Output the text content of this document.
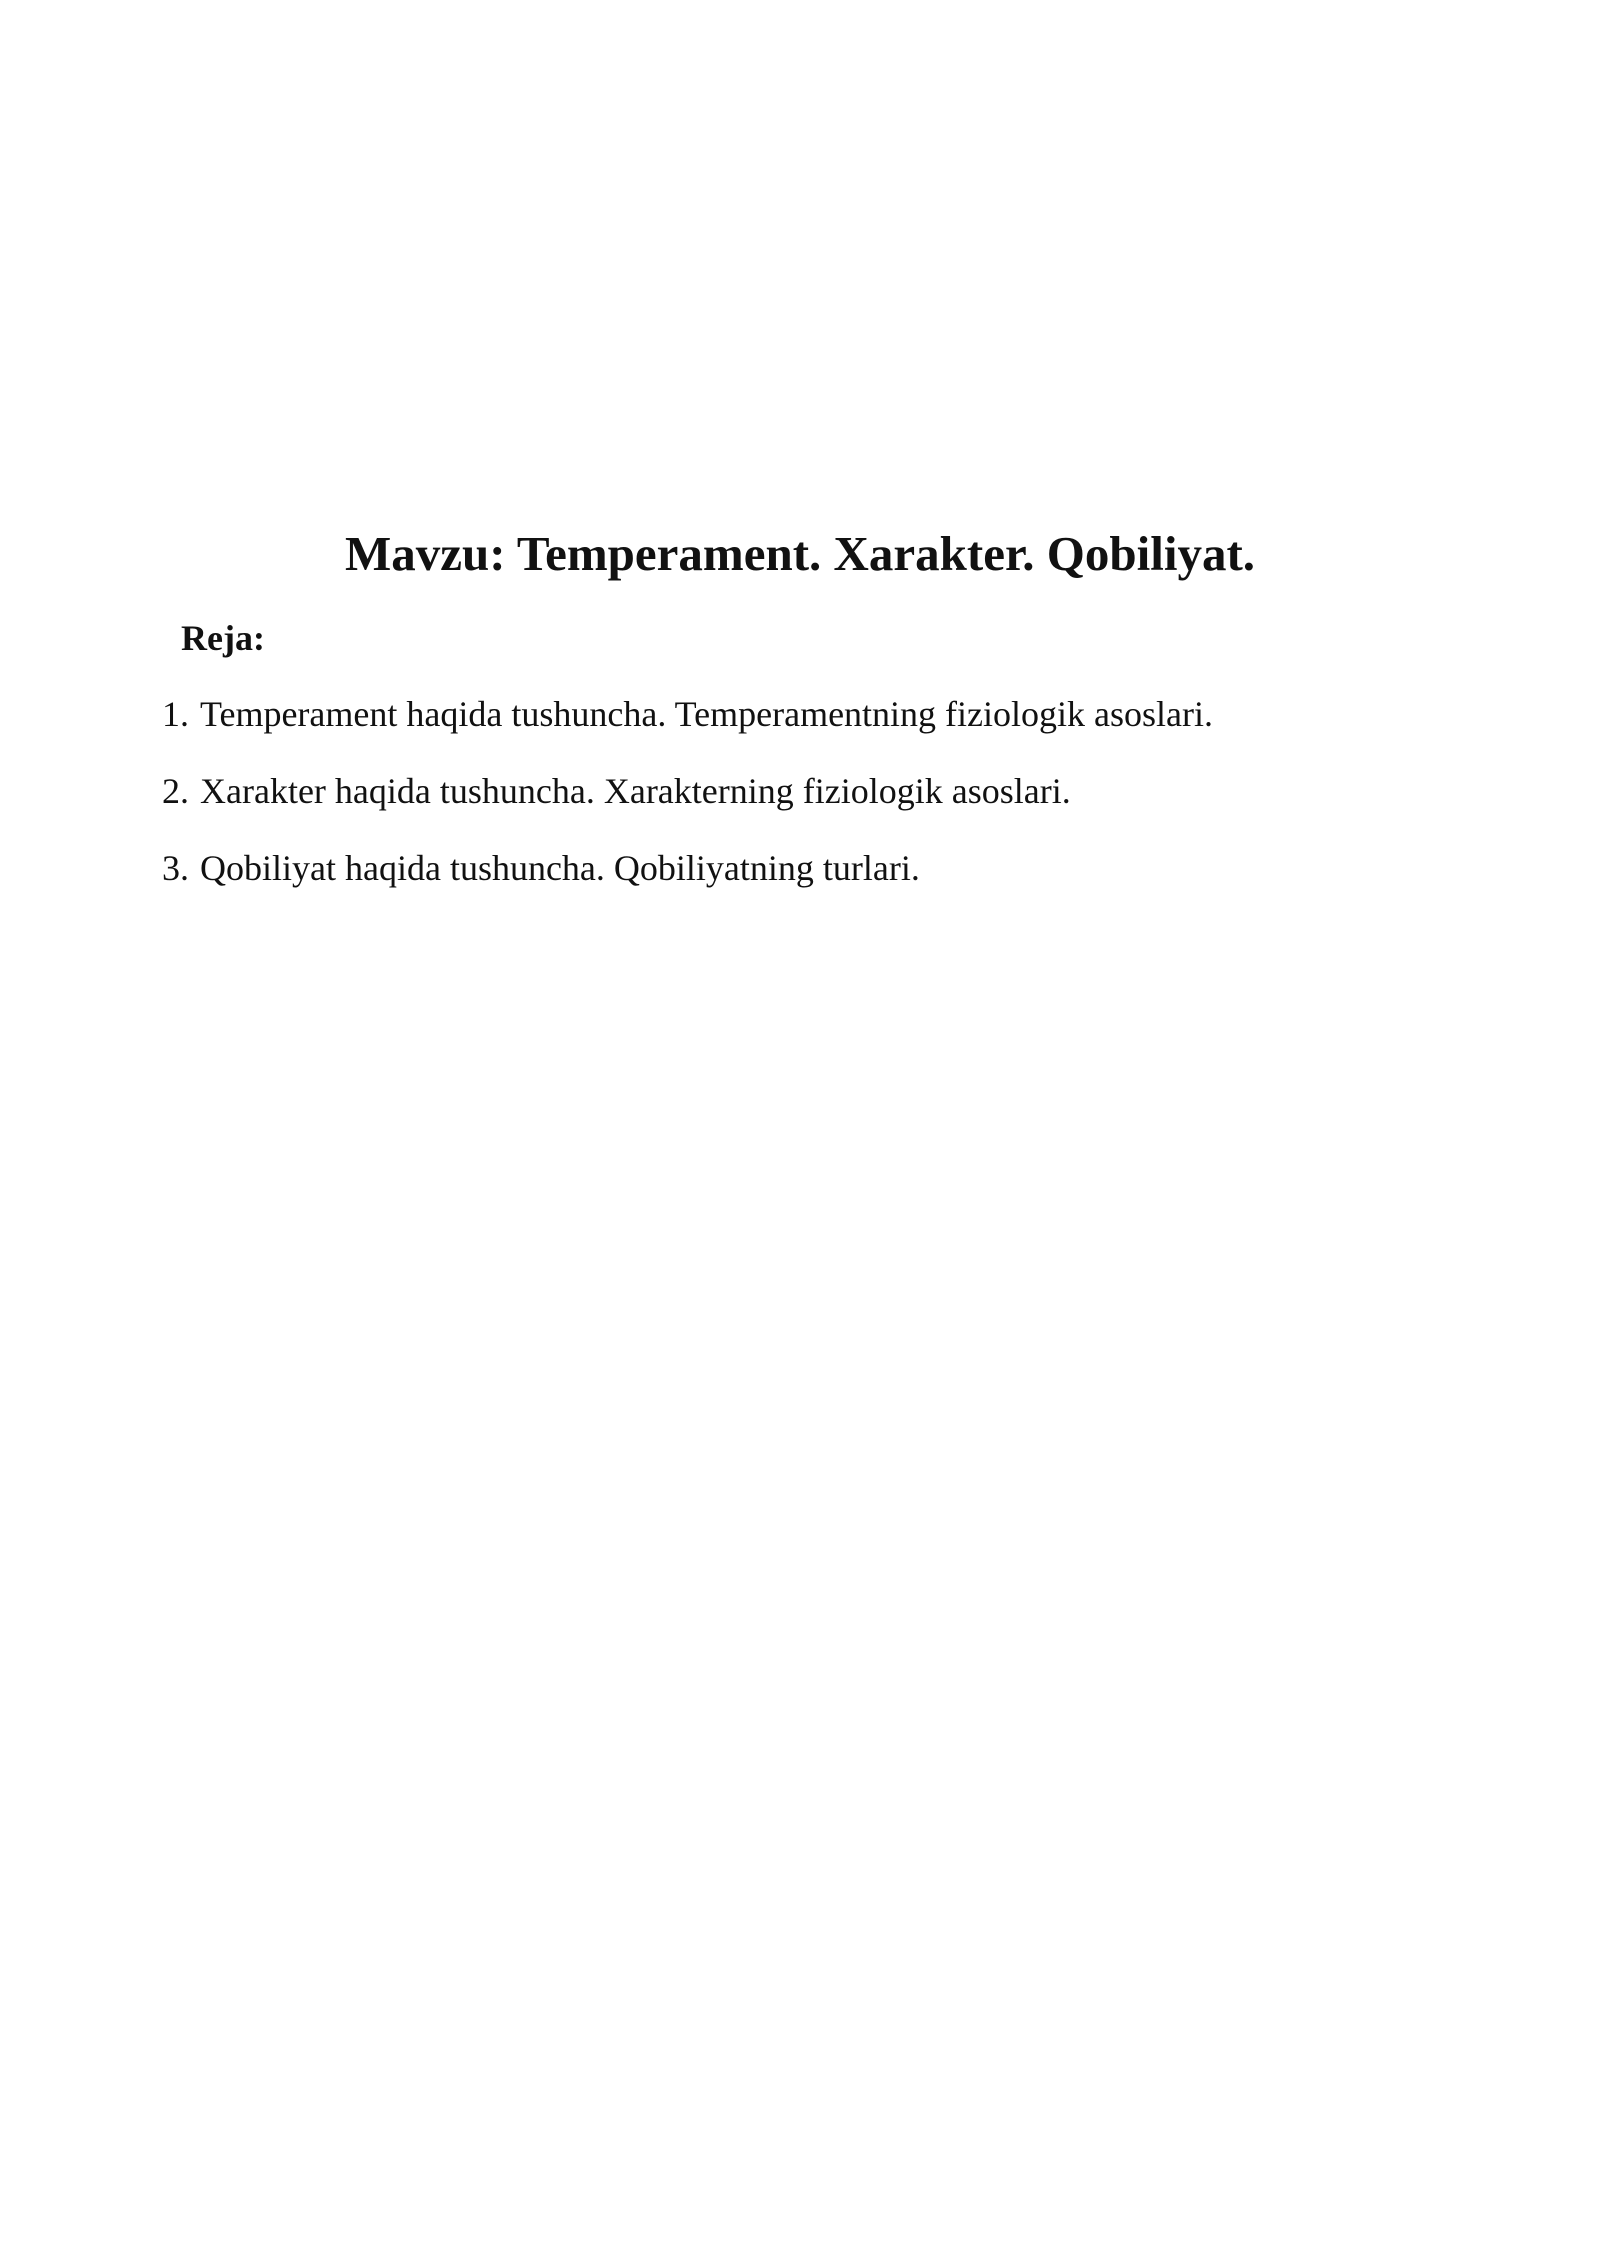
Mavzu: Temperament. Xarakter. Qobiliyat.

Reja:

1. Temperament haqida tushuncha. Temperamentning fiziologik asoslari.
2. Xarakter haqida tushuncha. Xarakterning fiziologik asoslari.
3. Qobiliyat haqida tushuncha. Qobiliyatning turlari.
